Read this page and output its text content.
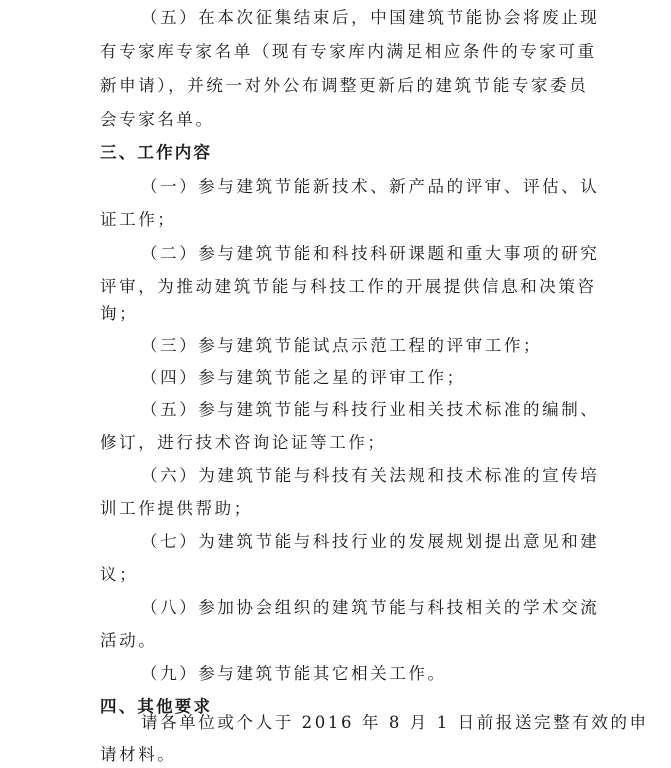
（五）在本次征集结束后，中国建筑节能协会将废止现

有专家库专家名单（现有专家库内满足相应条件的专家可重

新申请），并统一对外公布调整更新后的建筑节能专家委员

会专家名单。

三、工作内容

（一）参与建筑节能新技术、新产品的评审、评估、认

证工作；

（二）参与建筑节能和科技科研课题和重大事项的研究

评审，为推动建筑节能与科技工作的开展提供信息和决策咨

询；

（三）参与建筑节能试点示范工程的评审工作；

（四）参与建筑节能之星的评审工作；

（五）参与建筑节能与科技行业相关技术标准的编制、

修订，进行技术咨询论证等工作；

（六）为建筑节能与科技有关法规和技术标准的宣传培

训工作提供帮助；

（七）为建筑节能与科技行业的发展规划提出意见和建

议；

（八）参加协会组织的建筑节能与科技相关的学术交流

活动。

（九）参与建筑节能其它相关工作。

四、其他要求

请各单位或个人于 2016 年 8 月 1 日前报送完整有效的申

请材料。
